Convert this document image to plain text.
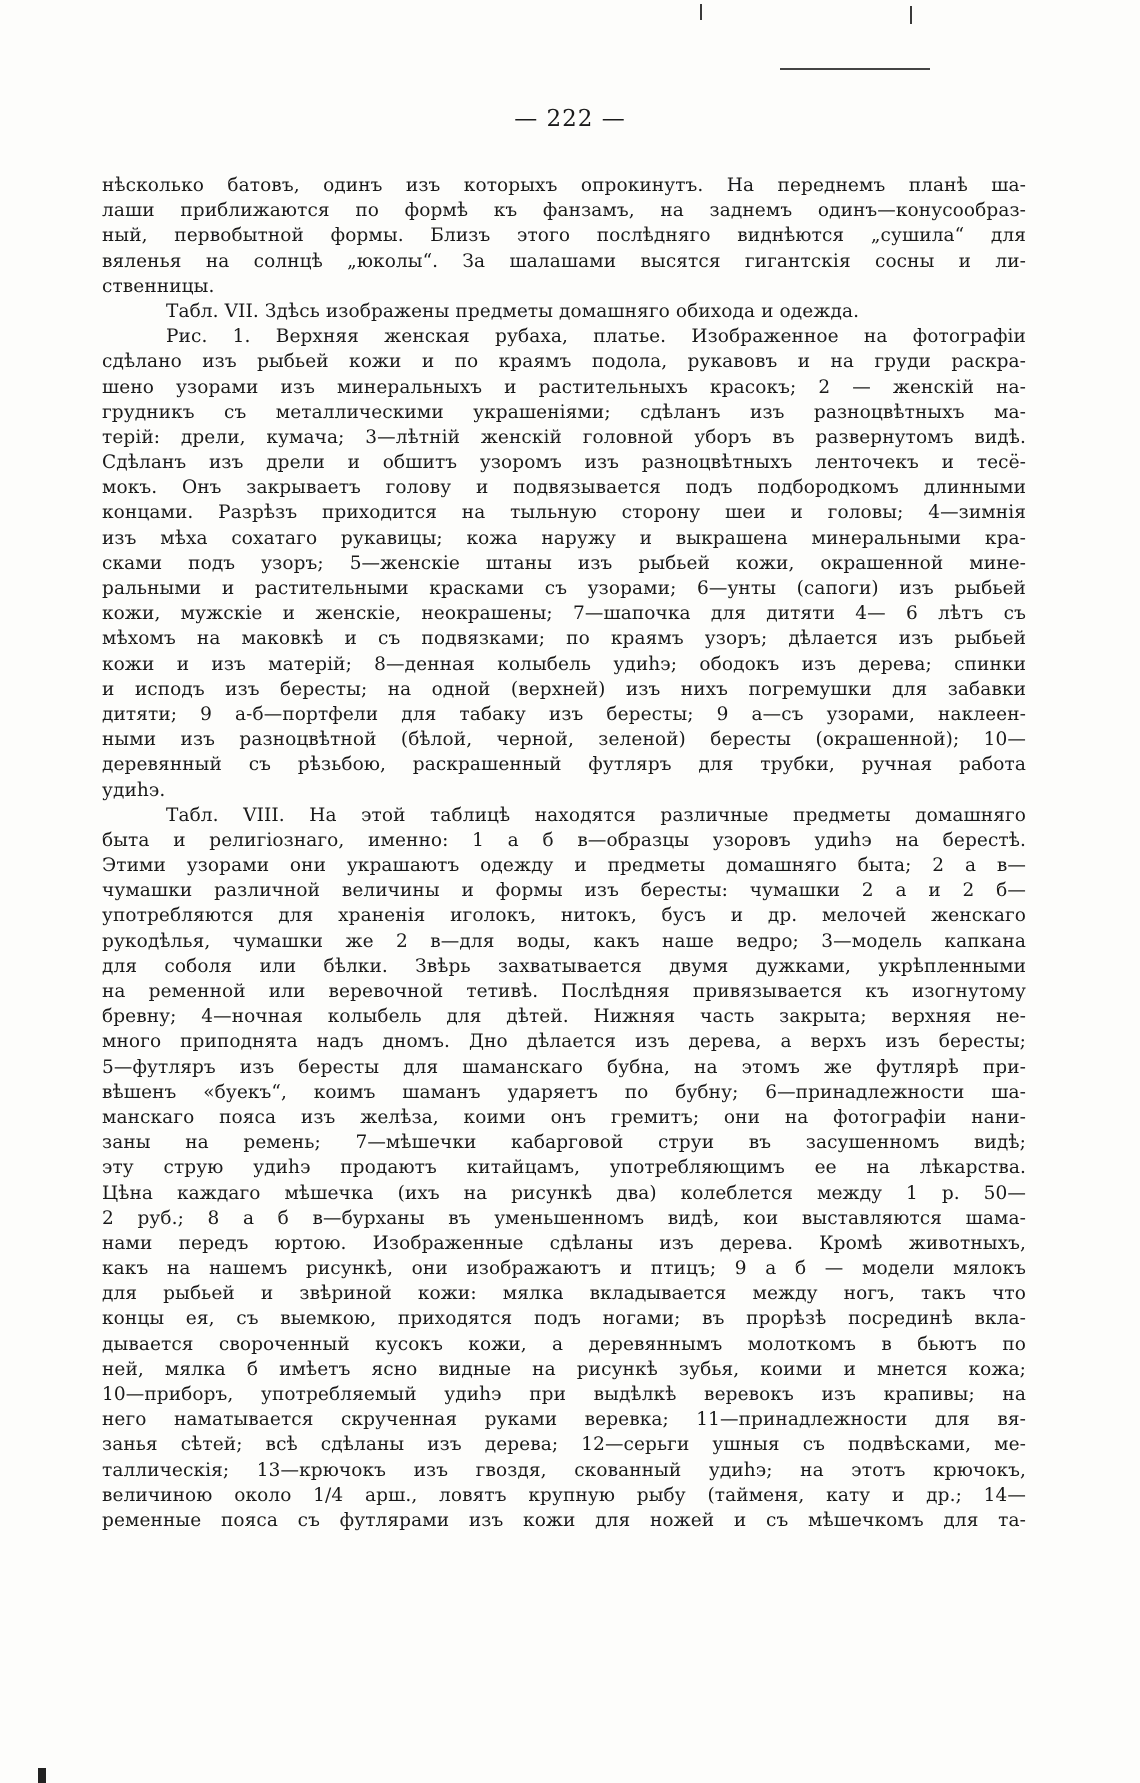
— 222 —
нѣсколько батовъ, одинъ изъ которыхъ опрокинутъ. На переднемъ планѣ ша-
лаши приближаются по формѣ къ фанзамъ, на заднемъ одинъ—конусообраз-
ный, первобытной формы. Близъ этого послѣдняго виднѣются „сушила“ для
вяленья на солнцѣ „юколы“. За шалашами высятся гигантскія сосны и ли-
ственницы.
Табл. VII. Здѣсь изображены предметы домашняго обихода и одежда.
Рис. 1. Верхняя женская рубаха, платье. Изображенное на фотографіи
сдѣлано изъ рыбьей кожи и по краямъ подола, рукавовъ и на груди раскра-
шено узорами изъ минеральныхъ и растительныхъ красокъ; 2 — женскій на-
грудникъ съ металлическими украшеніями; сдѣланъ изъ разноцвѣтныхъ ма-
терій: дрели, кумача; 3—лѣтній женскій головной уборъ въ развернутомъ видѣ.
Сдѣланъ изъ дрели и обшитъ узоромъ изъ разноцвѣтныхъ ленточекъ и тесё-
мокъ. Онъ закрываетъ голову и подвязывается подъ подбородкомъ длинными
концами. Разрѣзъ приходится на тыльную сторону шеи и головы; 4—зимнія
изъ мѣха сохатаго рукавицы; кожа наружу и выкрашена минеральными кра-
сками подъ узоръ; 5—женскіе штаны изъ рыбьей кожи, окрашенной мине-
ральными и растительными красками съ узорами; 6—унты (сапоги) изъ рыбьей
кожи, мужскіе и женскіе, неокрашены; 7—шапочка для дитяти 4— 6 лѣтъ съ
мѣхомъ на маковкѣ и съ подвязками; по краямъ узоръ; дѣлается изъ рыбьей
кожи и изъ матерій; 8—денная колыбель удиһэ; ободокъ изъ дерева; спинки
и исподъ изъ бересты; на одной (верхней) изъ нихъ погремушки для забавки
дитяти; 9 а-б—портфели для табаку изъ бересты; 9 а—съ узорами, наклеен-
ными изъ разноцвѣтной (бѣлой, черной, зеленой) бересты (окрашенной); 10—
деревянный съ рѣзьбою, раскрашенный футляръ для трубки, ручная работа
удиһэ.
Табл. VIII. На этой таблицѣ находятся различные предметы домашняго
быта и религіознаго, именно: 1 а б в—образцы узоровъ удиһэ на берестѣ.
Этими узорами они украшаютъ одежду и предметы домашняго быта; 2 а в—
чумашки различной величины и формы изъ бересты: чумашки 2 а и 2 б—
употребляются для храненія иголокъ, нитокъ, бусъ и др. мелочей женскаго
рукодѣлья, чумашки же 2 в—для воды, какъ наше ведро; 3—модель капкана
для соболя или бѣлки. Звѣрь захватывается двумя дужками, укрѣпленными
на ременной или веревочной тетивѣ. Послѣдняя привязывается къ изогнутому
бревну; 4—ночная колыбель для дѣтей. Нижняя часть закрыта; верхняя не-
много приподнята надъ дномъ. Дно дѣлается изъ дерева, а верхъ изъ бересты;
5—футляръ изъ бересты для шаманскаго бубна, на этомъ же футлярѣ при-
вѣшенъ «буекъ“, коимъ шаманъ ударяетъ по бубну; 6—принадлежности ша-
манскаго пояса изъ желѣза, коими онъ гремитъ; они на фотографіи нани-
заны на ремень; 7—мѣшечки кабарговой струи въ засушенномъ видѣ;
эту струю удиһэ продаютъ китайцамъ, употребляющимъ ее на лѣкарства.
Цѣна каждаго мѣшечка (ихъ на рисункѣ два) колеблется между 1 р. 50—
2 руб.; 8 а б в—бурханы въ уменьшенномъ видѣ, кои выставляются шама-
нами передъ юртою. Изображенные сдѣланы изъ дерева. Кромѣ животныхъ,
какъ на нашемъ рисункѣ, они изображаютъ и птицъ; 9 а б — модели мялокъ
для рыбьей и звѣриной кожи: мялка вкладывается между ногъ, такъ что
концы ея, съ выемкою, приходятся подъ ногами; въ прорѣзѣ посрединѣ вкла-
дывается свороченный кусокъ кожи, а деревяннымъ молоткомъ в бьютъ по
ней, мялка б имѣетъ ясно видные на рисункѣ зубья, коими и мнется кожа;
10—приборъ, употребляемый удиһэ при выдѣлкѣ веревокъ изъ крапивы; на
него наматывается скрученная руками веревка; 11—принадлежности для вя-
занья сѣтей; всѣ сдѣланы изъ дерева; 12—серьги ушныя съ подвѣсками, ме-
таллическія; 13—крючокъ изъ гвоздя, скованный удиһэ; на этотъ крючокъ,
величиною около 1/4 арш., ловятъ крупную рыбу (тайменя, кату и др.; 14—
ременные пояса съ футлярами изъ кожи для ножей и съ мѣшечкомъ для та-
